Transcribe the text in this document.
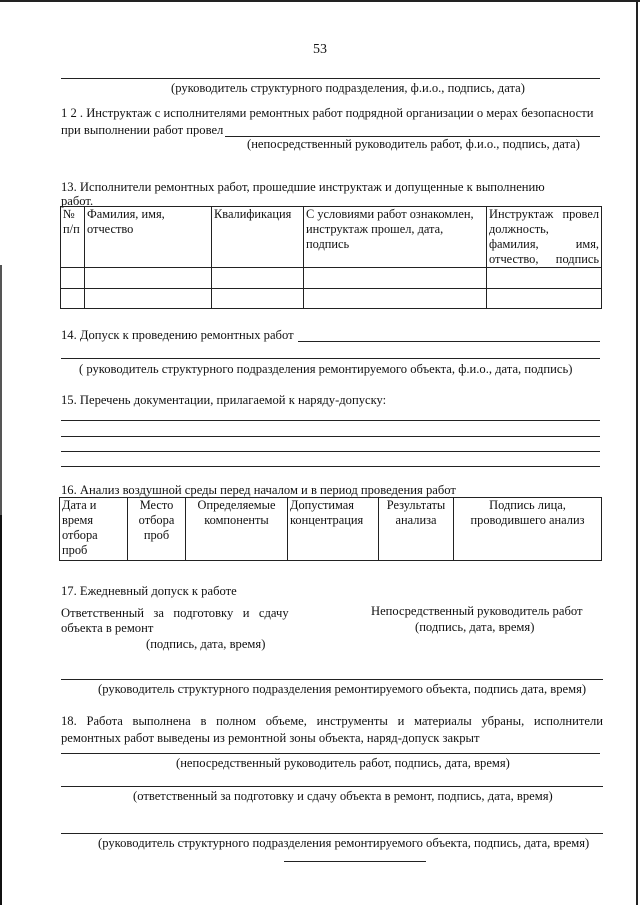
53
(руководитель структурного подразделения, ф.и.о., подпись, дата)
1 2 . Инструктаж с исполнителями ремонтных работ подрядной организации о мерах безопасности
при выполнении работ провел
(непосредственный руководитель работ, ф.и.о., подпись, дата)
13. Исполнители ремонтных работ, прошедшие инструктаж и допущенные к выполнению
работ.
№ п/п	Фамилия, имя, отчество	Квалификация	С условиями работ ознакомлен, инструктаж прошел, дата, подпись	Инструктаж провел должность, фамилия, имя, отчество, подпись

14. Допуск к проведению ремонтных работ
( руководитель структурного подразделения ремонтируемого объекта, ф.и.о., дата, подпись)
15. Перечень документации, прилагаемой к наряду-допуску:
16. Анализ воздушной среды перед началом и в период проведения работ
Дата и время отбора проб	Место отбора проб	Определяемые компоненты	Допустимая концентрация	Результаты анализа	Подпись лица, проводившего анализ
17. Ежедневный допуск к работе
Ответственный   за   подготовку   и   сдачу
объекта в ремонт
(подпись, дата, время)
Непосредственный руководитель работ
(подпись, дата, время)
(руководитель структурного подразделения ремонтируемого объекта, подпись дата, время)
18. Работа выполнена в полном объеме, инструменты и материалы убраны, исполнители
ремонтных работ выведены из ремонтной зоны объекта, наряд-допуск закрыт
(непосредственный руководитель работ, подпись, дата, время)
(ответственный за подготовку и сдачу объекта в ремонт, подпись, дата, время)
(руководитель структурного подразделения ремонтируемого объекта, подпись, дата, время)
